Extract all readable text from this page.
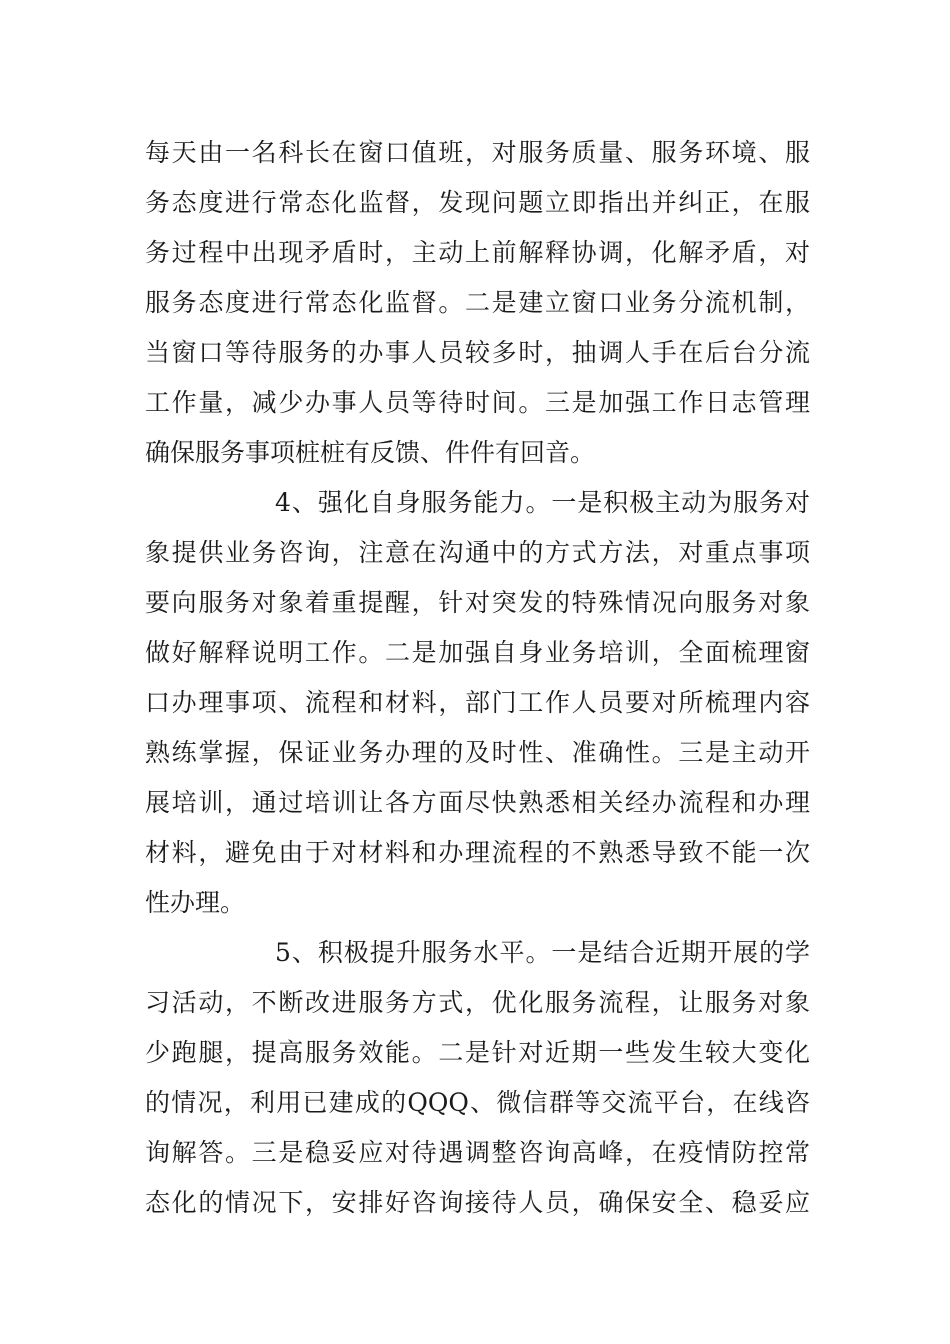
每天由一名科长在窗口值班，对服务质量、服务环境、服
务态度进行常态化监督，发现问题立即指出并纠正，在服
务过程中出现矛盾时，主动上前解释协调，化解矛盾，对
服务态度进行常态化监督。二是建立窗口业务分流机制，
当窗口等待服务的办事人员较多时，抽调人手在后台分流
工作量，减少办事人员等待时间。三是加强工作日志管理
确保服务事项桩桩有反馈、件件有回音。
4、强化自身服务能力。一是积极主动为服务对
象提供业务咨询，注意在沟通中的方式方法，对重点事项
要向服务对象着重提醒，针对突发的特殊情况向服务对象
做好解释说明工作。二是加强自身业务培训，全面梳理窗
口办理事项、流程和材料，部门工作人员要对所梳理内容
熟练掌握，保证业务办理的及时性、准确性。三是主动开
展培训，通过培训让各方面尽快熟悉相关经办流程和办理
材料，避免由于对材料和办理流程的不熟悉导致不能一次
性办理。
5、积极提升服务水平。一是结合近期开展的学
习活动，不断改进服务方式，优化服务流程，让服务对象
少跑腿，提高服务效能。二是针对近期一些发生较大变化
的情况，利用已建成的QQQ、微信群等交流平台，在线咨
询解答。三是稳妥应对待遇调整咨询高峰，在疫情防控常
态化的情况下，安排好咨询接待人员，确保安全、稳妥应
